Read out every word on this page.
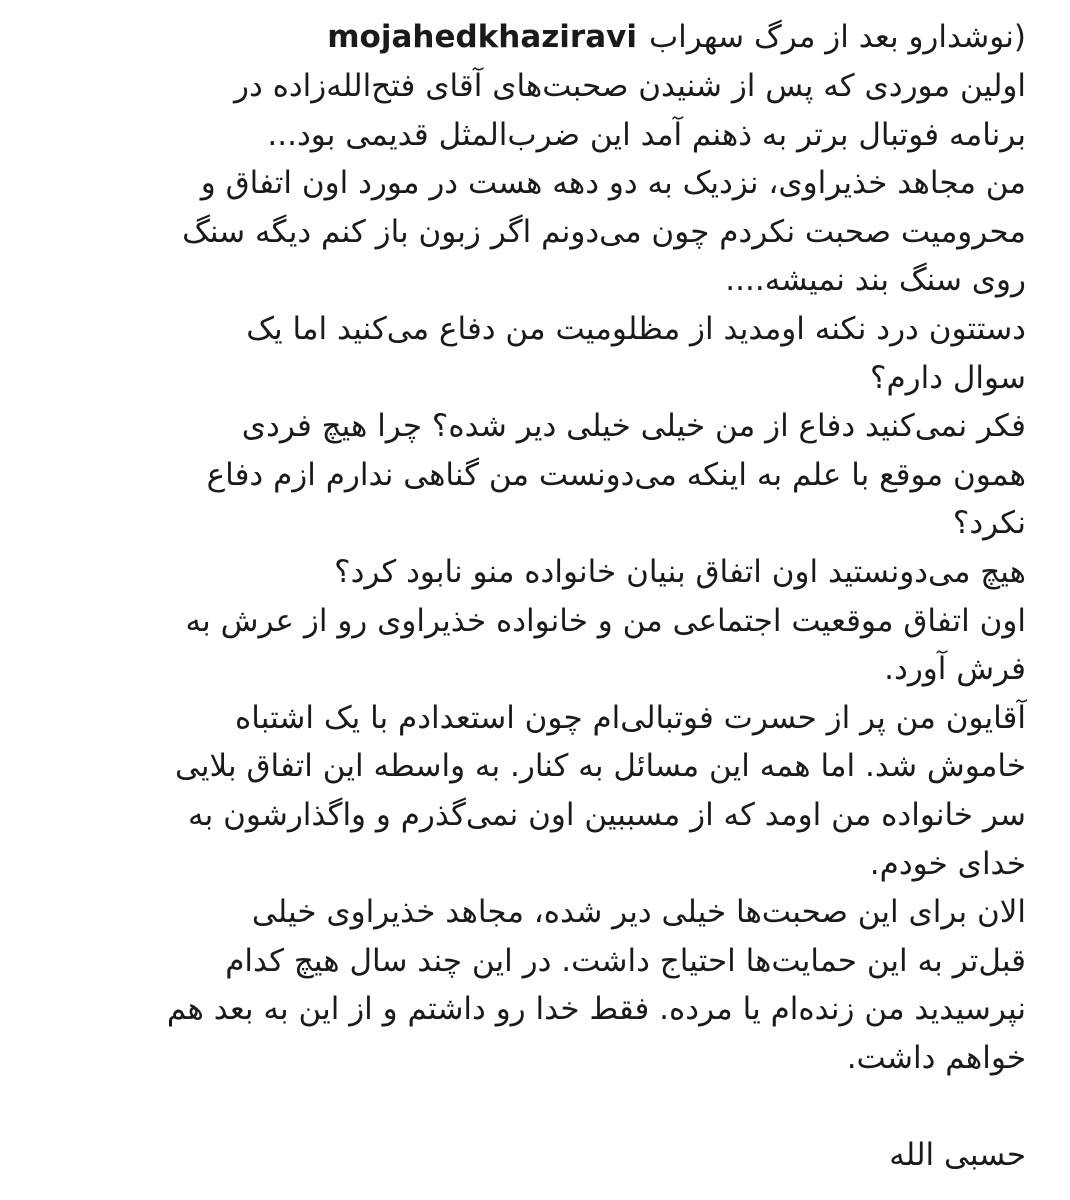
mojahedkhaziravi (نوشدارو بعد از مرگ سهراب
اولین موردی که پس از شنیدن صحبت‌های آقای فتح‌الله‌زاده در
برنامه فوتبال برتر به ذهنم آمد این ضرب‌المثل قدیمی بود...
من مجاهد خذیراوی، نزدیک به دو دهه هست در مورد اون اتفاق و
محرومیت صحبت نکردم چون می‌دونم اگر زبون باز کنم دیگه سنگ
روی سنگ بند نمیشه....
دستتون درد نکنه اومدید از مظلومیت من دفاع می‌کنید اما یک
سوال دارم؟
فکر نمی‌کنید دفاع از من خیلی خیلی دیر شده؟ چرا هیچ فردی
همون موقع با علم به اینکه می‌دونست من گناهی ندارم ازم دفاع
نکرد؟
هیچ می‌دونستید اون اتفاق بنیان خانواده منو نابود کرد؟
اون اتفاق موقعیت اجتماعی من و خانواده خذیراوی رو از عرش به
فرش آورد.
آقایون من پر از حسرت فوتبالی‌ام چون استعدادم با یک اشتباه
خاموش شد. اما همه این مسائل به کنار. به واسطه این اتفاق بلایی
سر خانواده من اومد که از مسببین اون نمی‌گذرم و واگذارشون به
خدای خودم.
الان برای این صحبت‌ها خیلی دیر شده، مجاهد خذیراوی خیلی
قبل‌تر به این حمایت‌ها احتیاج داشت. در این چند سال هیچ کدام
نپرسیدید من زنده‌ام یا مرده. فقط خدا رو داشتم و از این به بعد هم
خواهم داشت.
حسبی الله
